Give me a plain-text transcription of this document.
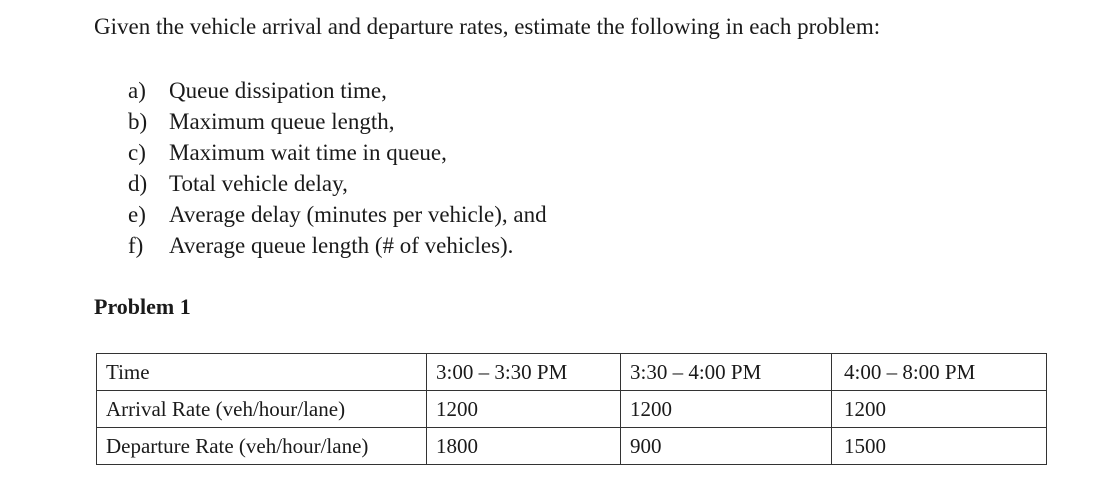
Given the vehicle arrival and departure rates, estimate the following in each problem:
a) Queue dissipation time,
b) Maximum queue length,
c) Maximum wait time in queue,
d) Total vehicle delay,
e) Average delay (minutes per vehicle), and
f) Average queue length (# of vehicles).
Problem 1
Time	3:00 – 3:30 PM	3:30 – 4:00 PM	4:00 – 8:00 PM
Arrival Rate (veh/hour/lane)	1200	1200	1200
Departure Rate (veh/hour/lane)	1800	900	1500
